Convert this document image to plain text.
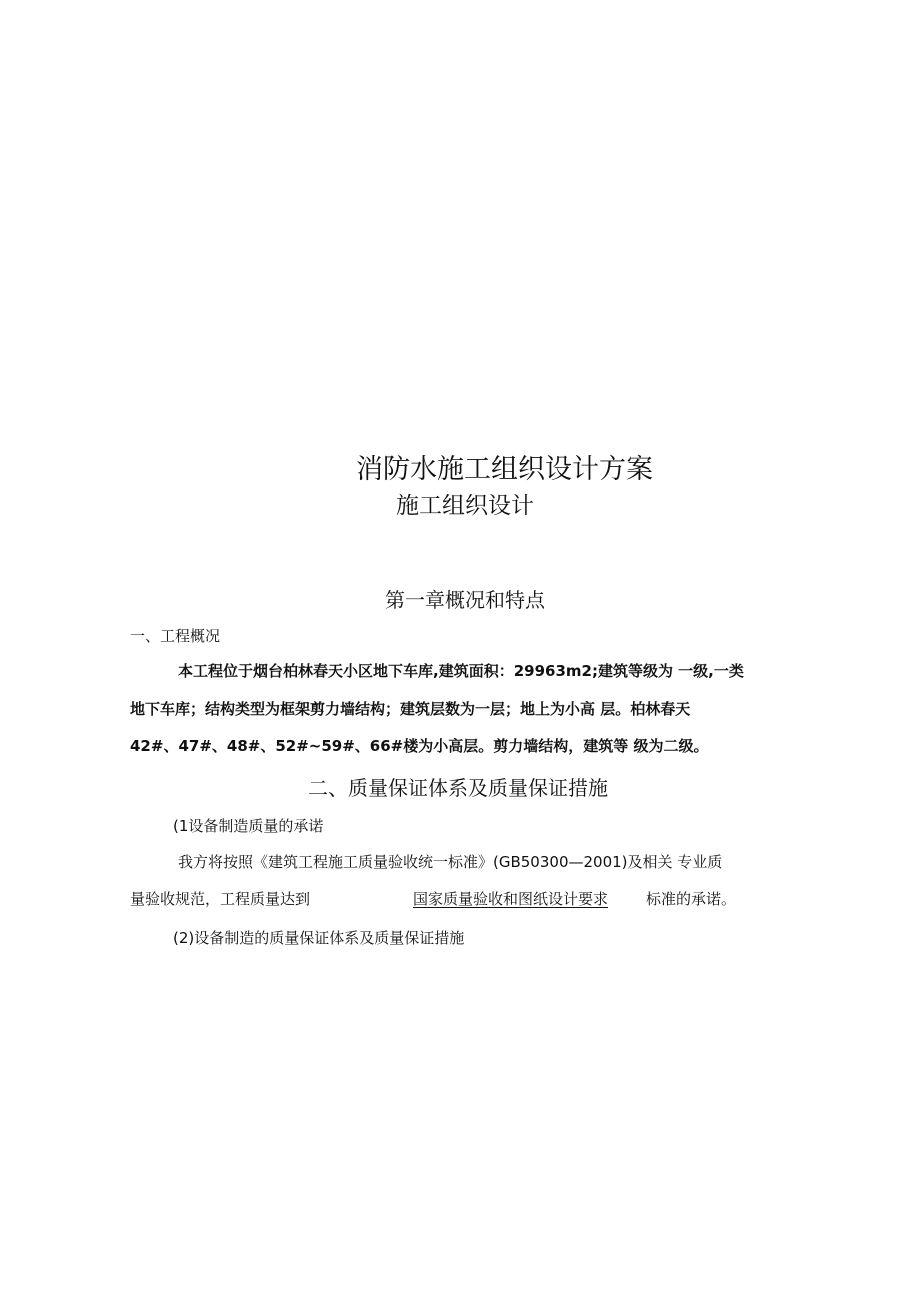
消防水施工组织设计方案
施工组织设计
第一章概况和特点
一、工程概况
本工程位于烟台柏林春天小区地下车库,建筑面积：29963m2;建筑等级为 一级,一类
地下车库；结构类型为框架剪力墙结构；建筑层数为一层；地上为小高 层。柏林春天
42#、47#、48#、52#~59#、66#楼为小高层。剪力墙结构，建筑等 级为二级。
二、质量保证体系及质量保证措施
(1设备制造质量的承诺
我方将按照《建筑工程施工质量验收统一标准》(GB50300—2001)及相关 专业质
量验收规范，工程质量达到	国家质量验收和图纸设计要求	标准的承诺。
(2)设备制造的质量保证体系及质量保证措施
